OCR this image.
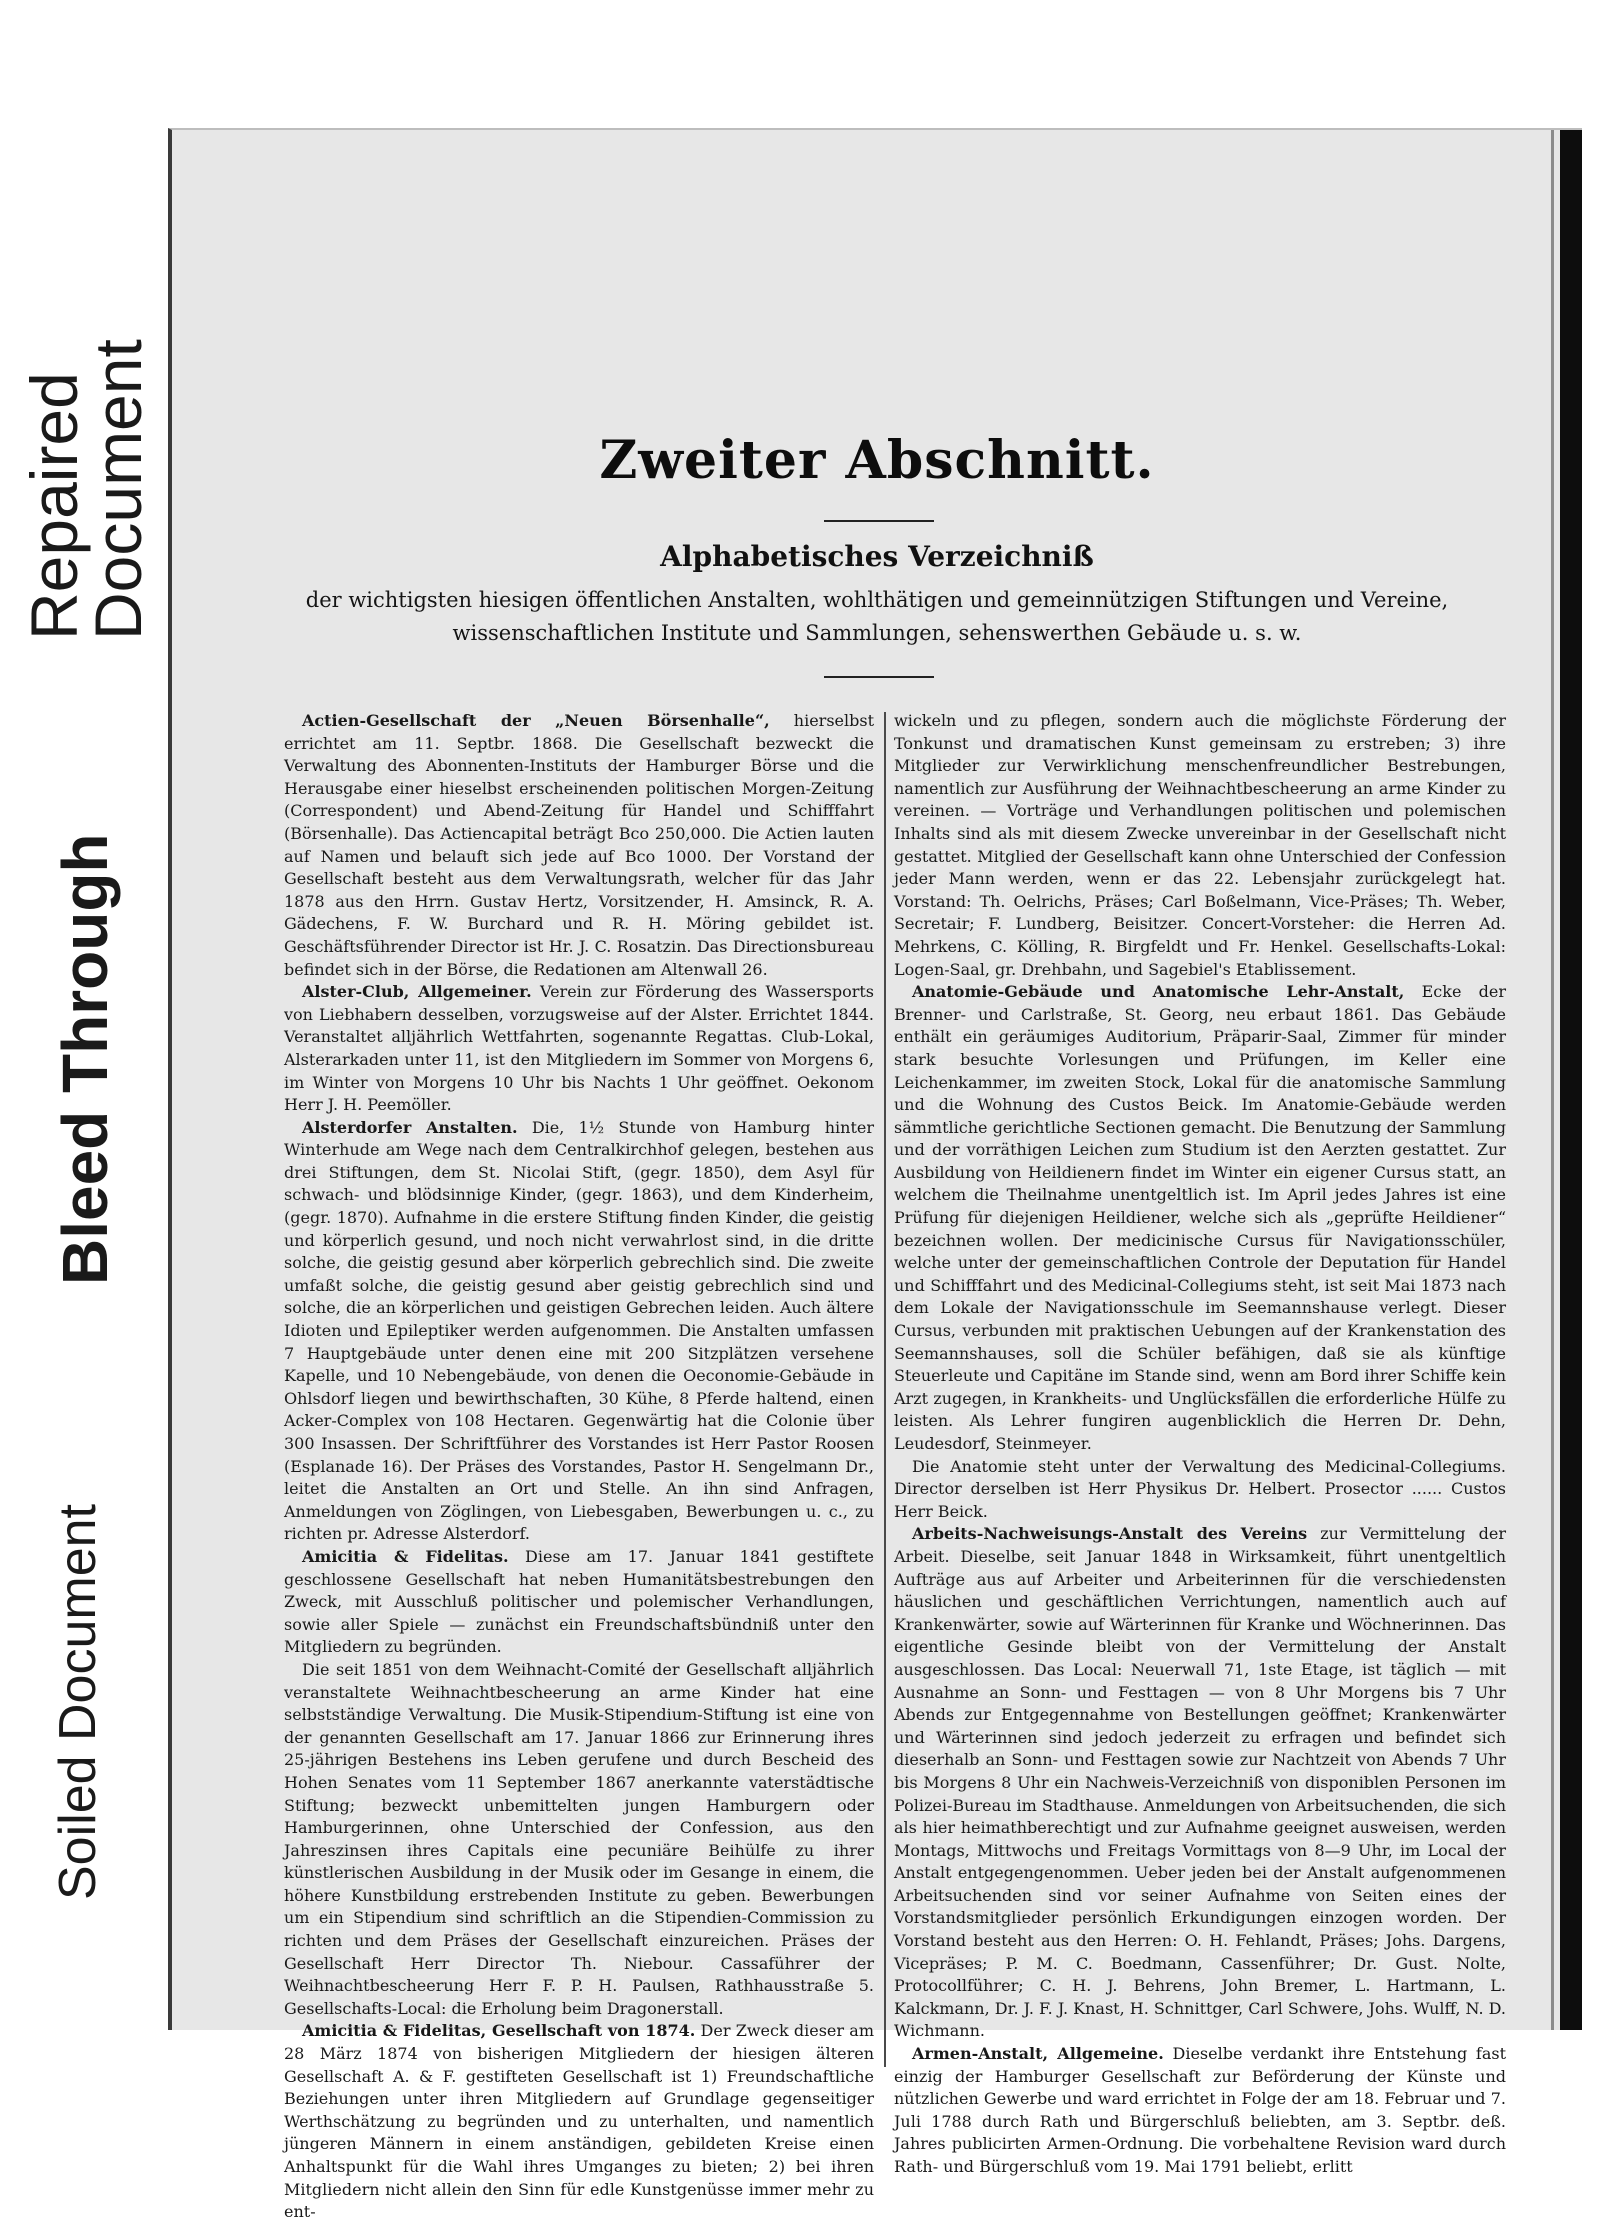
Repaired
Document
Bleed Through
Soiled Document
Zweiter Abschnitt.
Alphabetisches Verzeichniß
der wichtigsten hiesigen öffentlichen Anstalten, wohlthätigen und gemeinnützigen Stiftungen und Vereine, wissenschaftlichen Institute und Sammlungen, sehenswerthen Gebäude u. s. w.

Actien-Gesellschaft der „Neuen Börsenhalle“, hierselbst errichtet am 11. Septbr. 1868. Die Gesellschaft bezweckt die Verwaltung des Abonnenten-Instituts der Hamburger Börse und die Herausgabe einer hieselbst erscheinenden politischen Morgen-Zeitung (Correspondent) und Abend-Zeitung für Handel und Schifffahrt (Börsenhalle). Das Actiencapital beträgt Bco 250,000. Die Actien lauten auf Namen und belauft sich jede auf Bco 1000. Der Vorstand der Gesellschaft besteht aus dem Verwaltungsrath, welcher für das Jahr 1878 aus den Hrrn. Gustav Hertz, Vorsitzender, H. Amsinck, R. A. Gädechens, F. W. Burchard und R. H. Möring gebildet ist. Geschäftsführender Director ist Hr. J. C. Rosatzin. Das Directionsbureau befindet sich in der Börse, die Redationen am Altenwall 26.

Alster-Club, Allgemeiner. Verein zur Förderung des Wassersports von Liebhabern desselben, vorzugsweise auf der Alster. Errichtet 1844. Veranstaltet alljährlich Wettfahrten, sogenannte Regattas. Club-Lokal, Alsterarkaden unter 11, ist den Mitgliedern im Sommer von Morgens 6, im Winter von Morgens 10 Uhr bis Nachts 1 Uhr geöffnet. Oekonom Herr J. H. Peemöller.

Alsterdorfer Anstalten. Die, 1½ Stunde von Hamburg hinter Winterhude am Wege nach dem Centralkirchhof gelegen, bestehen aus drei Stiftungen, dem St. Nicolai Stift, (gegr. 1850), dem Asyl für schwach- und blödsinnige Kinder, (gegr. 1863), und dem Kinderheim, (gegr. 1870). Aufnahme in die erstere Stiftung finden Kinder, die geistig und körperlich gesund, und noch nicht verwahrlost sind, in die dritte solche, die geistig gesund aber körperlich gebrechlich sind. Die zweite umfaßt solche, die geistig gesund aber geistig gebrechlich sind und solche, die an körperlichen und geistigen Gebrechen leiden. Auch ältere Idioten und Epileptiker werden aufgenommen. Die Anstalten umfassen 7 Hauptgebäude unter denen eine mit 200 Sitzplätzen versehene Kapelle, und 10 Nebengebäude, von denen die Oeconomie-Gebäude in Ohlsdorf liegen und bewirthschaften, 30 Kühe, 8 Pferde haltend, einen Acker-Complex von 108 Hectaren. Gegenwärtig hat die Colonie über 300 Insassen. Der Schriftführer des Vorstandes ist Herr Pastor Roosen (Esplanade 16). Der Präses des Vorstandes, Pastor H. Sengelmann Dr., leitet die Anstalten an Ort und Stelle. An ihn sind Anfragen, Anmeldungen von Zöglingen, von Liebesgaben, Bewerbungen u. c., zu richten pr. Adresse Alsterdorf.

Amicitia & Fidelitas. Diese am 17. Januar 1841 gestiftete geschlossene Gesellschaft hat neben Humanitätsbestrebungen den Zweck, mit Ausschluß politischer und polemischer Verhandlungen, sowie aller Spiele — zunächst ein Freundschaftsbündniß unter den Mitgliedern zu begründen.

Die seit 1851 von dem Weihnacht-Comité der Gesellschaft alljährlich veranstaltete Weihnachtbescheerung an arme Kinder hat eine selbstständige Verwaltung. Die Musik-Stipendium-Stiftung ist eine von der genannten Gesellschaft am 17. Januar 1866 zur Erinnerung ihres 25-jährigen Bestehens ins Leben gerufene und durch Bescheid des Hohen Senates vom 11 September 1867 anerkannte vaterstädtische Stiftung; bezweckt unbemittelten jungen Hamburgern oder Hamburgerinnen, ohne Unterschied der Confession, aus den Jahreszinsen ihres Capitals eine pecuniäre Beihülfe zu ihrer künstlerischen Ausbildung in der Musik oder im Gesange in einem, die höhere Kunstbildung erstrebenden Institute zu geben. Bewerbungen um ein Stipendium sind schriftlich an die Stipendien-Commission zu richten und dem Präses der Gesellschaft einzureichen. Präses der Gesellschaft Herr Director Th. Niebour. Cassaführer der Weihnachtbescheerung Herr F. P. H. Paulsen, Rathhausstraße 5. Gesellschafts-Local: die Erholung beim Dragonerstall.

Amicitia & Fidelitas, Gesellschaft von 1874. Der Zweck dieser am 28 März 1874 von bisherigen Mitgliedern der hiesigen älteren Gesellschaft A. & F. gestifteten Gesellschaft ist 1) Freundschaftliche Beziehungen unter ihren Mitgliedern auf Grundlage gegenseitiger Werthschätzung zu begründen und zu unterhalten, und namentlich jüngeren Männern in einem anständigen, gebildeten Kreise einen Anhaltspunkt für die Wahl ihres Umganges zu bieten; 2) bei ihren Mitgliedern nicht allein den Sinn für edle Kunstgenüsse immer mehr zu ent-

wickeln und zu pflegen, sondern auch die möglichste Förderung der Tonkunst und dramatischen Kunst gemeinsam zu erstreben; 3) ihre Mitglieder zur Verwirklichung menschenfreundlicher Bestrebungen, namentlich zur Ausführung der Weihnachtbescheerung an arme Kinder zu vereinen. — Vorträge und Verhandlungen politischen und polemischen Inhalts sind als mit diesem Zwecke unvereinbar in der Gesellschaft nicht gestattet. Mitglied der Gesellschaft kann ohne Unterschied der Confession jeder Mann werden, wenn er das 22. Lebensjahr zurückgelegt hat. Vorstand: Th. Oelrichs, Präses; Carl Boßelmann, Vice-Präses; Th. Weber, Secretair; F. Lundberg, Beisitzer. Concert-Vorsteher: die Herren Ad. Mehrkens, C. Kölling, R. Birgfeldt und Fr. Henkel. Gesellschafts-Lokal: Logen-Saal, gr. Drehbahn, und Sagebiel's Etablissement.

Anatomie-Gebäude und Anatomische Lehr-Anstalt, Ecke der Brenner- und Carlstraße, St. Georg, neu erbaut 1861. Das Gebäude enthält ein geräumiges Auditorium, Präparir-Saal, Zimmer für minder stark besuchte Vorlesungen und Prüfungen, im Keller eine Leichenkammer, im zweiten Stock, Lokal für die anatomische Sammlung und die Wohnung des Custos Beick. Im Anatomie-Gebäude werden sämmtliche gerichtliche Sectionen gemacht. Die Benutzung der Sammlung und der vorräthigen Leichen zum Studium ist den Aerzten gestattet. Zur Ausbildung von Heildienern findet im Winter ein eigener Cursus statt, an welchem die Theilnahme unentgeltlich ist. Im April jedes Jahres ist eine Prüfung für diejenigen Heildiener, welche sich als „geprüfte Heildiener“ bezeichnen wollen. Der medicinische Cursus für Navigationsschüler, welche unter der gemeinschaftlichen Controle der Deputation für Handel und Schifffahrt und des Medicinal-Collegiums steht, ist seit Mai 1873 nach dem Lokale der Navigationsschule im Seemannshause verlegt. Dieser Cursus, verbunden mit praktischen Uebungen auf der Krankenstation des Seemannshauses, soll die Schüler befähigen, daß sie als künftige Steuerleute und Capitäne im Stande sind, wenn am Bord ihrer Schiffe kein Arzt zugegen, in Krankheits- und Unglücksfällen die erforderliche Hülfe zu leisten. Als Lehrer fungiren augenblicklich die Herren Dr. Dehn, Leudesdorf, Steinmeyer.

Die Anatomie steht unter der Verwaltung des Medicinal-Collegiums. Director derselben ist Herr Physikus Dr. Helbert. Prosector ...... Custos Herr Beick.

Arbeits-Nachweisungs-Anstalt des Vereins zur Vermittelung der Arbeit. Dieselbe, seit Januar 1848 in Wirksamkeit, führt unentgeltlich Aufträge aus auf Arbeiter und Arbeiterinnen für die verschiedensten häuslichen und geschäftlichen Verrichtungen, namentlich auch auf Krankenwärter, sowie auf Wärterinnen für Kranke und Wöchnerinnen. Das eigentliche Gesinde bleibt von der Vermittelung der Anstalt ausgeschlossen. Das Local: Neuerwall 71, 1ste Etage, ist täglich — mit Ausnahme an Sonn- und Festtagen — von 8 Uhr Morgens bis 7 Uhr Abends zur Entgegennahme von Bestellungen geöffnet; Krankenwärter und Wärterinnen sind jedoch jederzeit zu erfragen und befindet sich dieserhalb an Sonn- und Festtagen sowie zur Nachtzeit von Abends 7 Uhr bis Morgens 8 Uhr ein Nachweis-Verzeichniß von disponiblen Personen im Polizei-Bureau im Stadthause. Anmeldungen von Arbeitsuchenden, die sich als hier heimathberechtigt und zur Aufnahme geeignet ausweisen, werden Montags, Mittwochs und Freitags Vormittags von 8—9 Uhr, im Local der Anstalt entgegengenommen. Ueber jeden bei der Anstalt aufgenommenen Arbeitsuchenden sind vor seiner Aufnahme von Seiten eines der Vorstandsmitglieder persönlich Erkundigungen einzogen worden. Der Vorstand besteht aus den Herren: O. H. Fehlandt, Präses; Johs. Dargens, Vicepräses; P. M. C. Boedmann, Cassenführer; Dr. Gust. Nolte, Protocollführer; C. H. J. Behrens, John Bremer, L. Hartmann, L. Kalckmann, Dr. J. F. J. Knast, H. Schnittger, Carl Schwere, Johs. Wulff, N. D. Wichmann.

Armen-Anstalt, Allgemeine. Dieselbe verdankt ihre Entstehung fast einzig der Hamburger Gesellschaft zur Beförderung der Künste und nützlichen Gewerbe und ward errichtet in Folge der am 18. Februar und 7. Juli 1788 durch Rath und Bürgerschluß beliebten, am 3. Septbr. deß. Jahres publicirten Armen-Ordnung. Die vorbehaltene Revision ward durch Rath- und Bürgerschluß vom 19. Mai 1791 beliebt, erlitt
